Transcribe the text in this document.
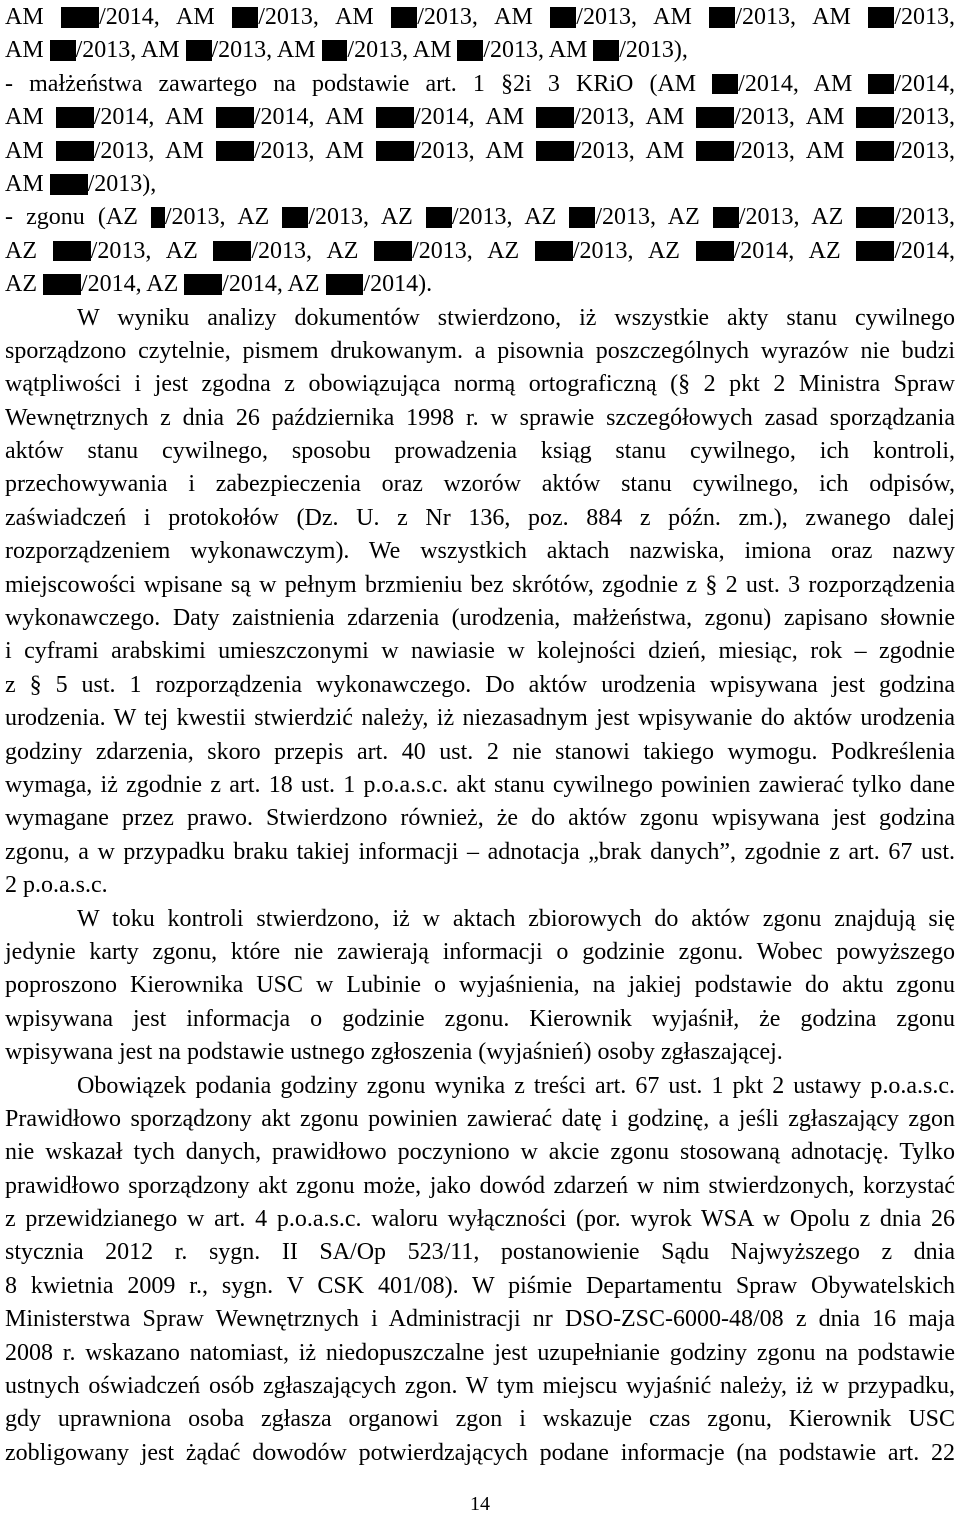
AM /2014, AM /2013, AM /2013, AM /2013, AM /2013, AM /2013,
AM /2013, AM /2013, AM /2013, AM /2013, AM /2013),
- małżeństwa zawartego na podstawie art. 1 §2i 3 KRiO (AM /2014, AM /2014,
AM /2014, AM /2014, AM /2014, AM /2013, AM /2013, AM /2013,
AM /2013, AM /2013, AM /2013, AM /2013, AM /2013, AM /2013,
AM /2013),
- zgonu (AZ /2013, AZ /2013, AZ /2013, AZ /2013, AZ /2013, AZ /2013,
AZ /2013, AZ /2013, AZ /2013, AZ /2013, AZ /2014, AZ /2014,
AZ /2014, AZ /2014, AZ /2014).
W wyniku analizy dokumentów stwierdzono, iż wszystkie akty stanu cywilnego
sporządzono czytelnie, pismem drukowanym. a pisownia poszczególnych wyrazów nie budzi
wątpliwości i jest zgodna z obowiązująca normą ortograficzną (§ 2 pkt 2 Ministra Spraw
Wewnętrznych z dnia 26 października 1998 r. w sprawie szczegółowych zasad sporządzania
aktów stanu cywilnego, sposobu prowadzenia ksiąg stanu cywilnego, ich kontroli,
przechowywania i zabezpieczenia oraz wzorów aktów stanu cywilnego, ich odpisów,
zaświadczeń i protokołów (Dz. U. z Nr 136, poz. 884 z późn. zm.), zwanego dalej
rozporządzeniem wykonawczym). We wszystkich aktach nazwiska, imiona oraz nazwy
miejscowości wpisane są w pełnym brzmieniu bez skrótów, zgodnie z § 2 ust. 3 rozporządzenia
wykonawczego. Daty zaistnienia zdarzenia (urodzenia, małżeństwa, zgonu) zapisano słownie
i cyframi arabskimi umieszczonymi w nawiasie w kolejności dzień, miesiąc, rok – zgodnie
z § 5 ust. 1 rozporządzenia wykonawczego. Do aktów urodzenia wpisywana jest godzina
urodzenia. W tej kwestii stwierdzić należy, iż niezasadnym jest wpisywanie do aktów urodzenia
godziny zdarzenia, skoro przepis art. 40 ust. 2 nie stanowi takiego wymogu. Podkreślenia
wymaga, iż zgodnie z art. 18 ust. 1 p.o.a.s.c. akt stanu cywilnego powinien zawierać tylko dane
wymagane przez prawo. Stwierdzono również, że do aktów zgonu wpisywana jest godzina
zgonu, a w przypadku braku takiej informacji – adnotacja „brak danych”, zgodnie z art. 67 ust.
2 p.o.a.s.c.
W toku kontroli stwierdzono, iż w aktach zbiorowych do aktów zgonu znajdują się
jedynie karty zgonu, które nie zawierają informacji o godzinie zgonu. Wobec powyższego
poproszono Kierownika USC w Lubinie o wyjaśnienia, na jakiej podstawie do aktu zgonu
wpisywana jest informacja o godzinie zgonu. Kierownik wyjaśnił, że godzina zgonu
wpisywana jest na podstawie ustnego zgłoszenia (wyjaśnień) osoby zgłaszającej.
Obowiązek podania godziny zgonu wynika z treści art. 67 ust. 1 pkt 2 ustawy p.o.a.s.c.
Prawidłowo sporządzony akt zgonu powinien zawierać datę i godzinę, a jeśli zgłaszający zgon
nie wskazał tych danych, prawidłowo poczyniono w akcie zgonu stosowaną adnotację. Tylko
prawidłowo sporządzony akt zgonu może, jako dowód zdarzeń w nim stwierdzonych, korzystać
z przewidzianego w art. 4 p.o.a.s.c. waloru wyłączności (por. wyrok WSA w Opolu z dnia 26
stycznia 2012 r. sygn. II SA/Op 523/11, postanowienie Sądu Najwyższego z dnia
8 kwietnia 2009 r., sygn. V CSK 401/08). W piśmie Departamentu Spraw Obywatelskich
Ministerstwa Spraw Wewnętrznych i Administracji nr DSO-ZSC-6000-48/08 z dnia 16 maja
2008 r. wskazano natomiast, iż niedopuszczalne jest uzupełnianie godziny zgonu na podstawie
ustnych oświadczeń osób zgłaszających zgon. W tym miejscu wyjaśnić należy, iż w przypadku,
gdy uprawniona osoba zgłasza organowi zgon i wskazuje czas zgonu, Kierownik USC
zobligowany jest żądać dowodów potwierdzających podane informacje (na podstawie art. 22
14
